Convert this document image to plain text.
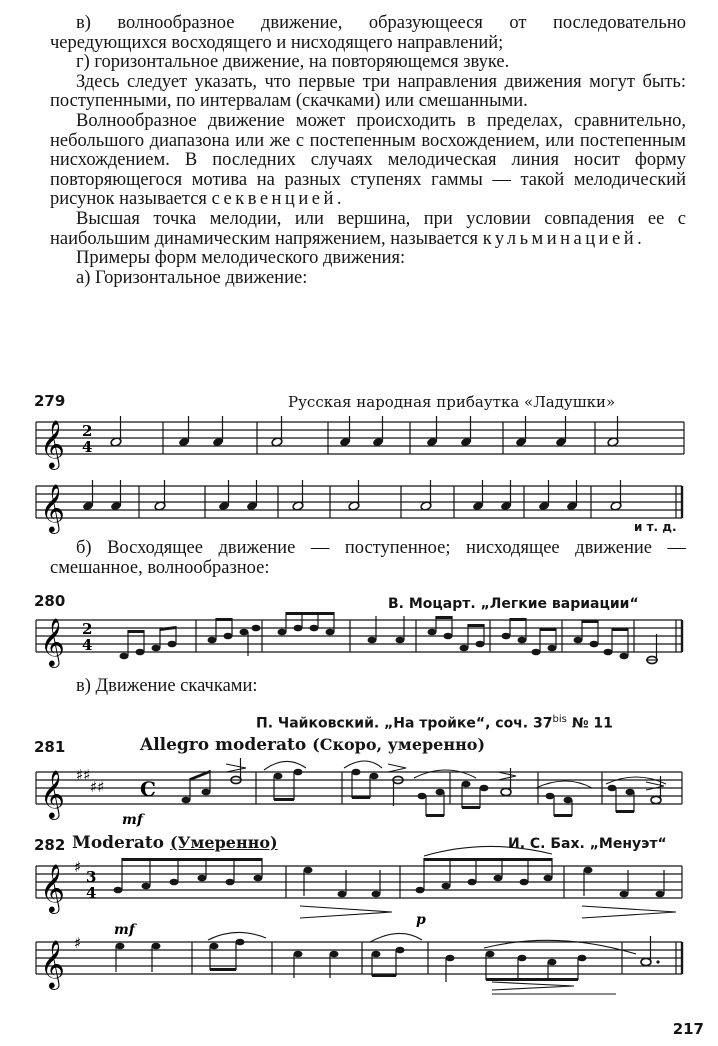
в) волнообразное движение, образующееся от последовательно чередующихся восходящего и нисходящего направлений;

г) горизонтальное движение, на повторяющемся звуке.

Здесь следует указать, что первые три направления движения могут быть: поступенными, по интервалам (скачками) или смешанными.

Волнообразное движение может происходить в пределах, сравнительно, небольшого диапазона или же с постепенным восхождением, или постепенным нисхождением. В последних случаях мелодическая линия носит форму повторяющегося мотива на разных ступенях гаммы — такой мелодический рисунок называется секвенцией.

Высшая точка мелодии, или вершина, при условии совпадения ее с наибольшим динамическим напряжением, называется кульминацией.

Примеры форм мелодического движения:

а) Горизонтальное движение:

279	Русская народная прибаутка «Ладушки»
𝄞 2
4
𝄞	и т. д.

б) Восходящее движение — поступенное; нисходящее движение — смешанное, волнообразное:

280	В. Моцарт. „Легкие вариации“
𝄞 2
4
в) Движение скачками:
П. Чайковский. „На тройке“, соч. $37^{bis}$ № 11
281	Allegro moderato (Скоро, умеренно)
𝄞 ♯♯
♯♯ C
mf
282 Moderato (Умеренно)	И. С. Бах. „Менуэт“
𝄞 ♯
3
4
p
𝄞 ♯
mf
217
